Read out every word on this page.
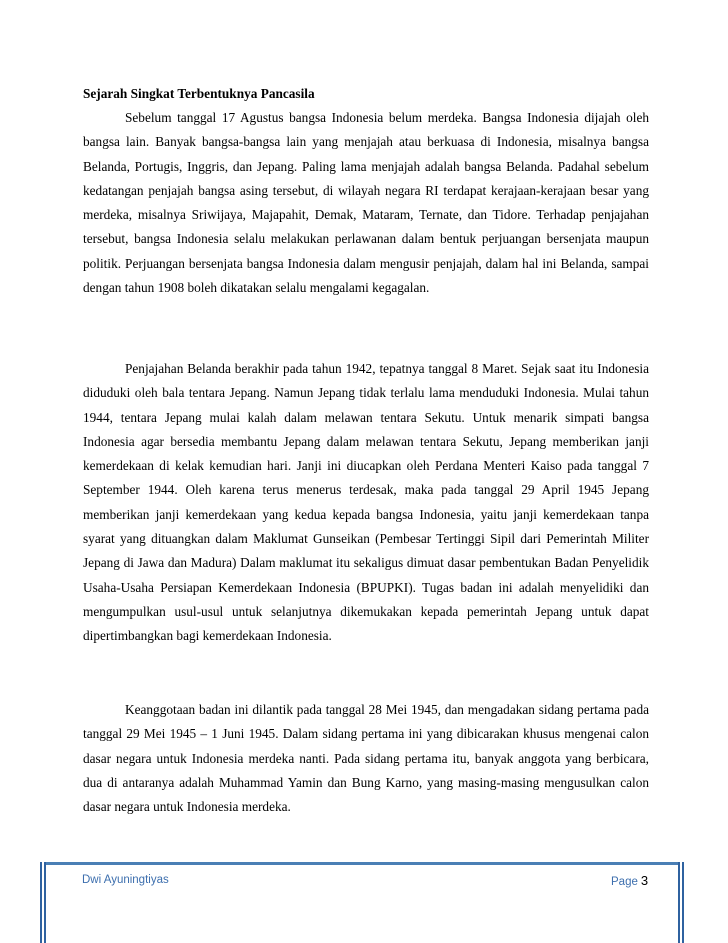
Sejarah Singkat Terbentuknya Pancasila

Sebelum tanggal 17 Agustus bangsa Indonesia belum merdeka. Bangsa Indonesia dijajah oleh bangsa lain. Banyak bangsa-bangsa lain yang menjajah atau berkuasa di Indonesia, misalnya bangsa Belanda, Portugis, Inggris, dan Jepang. Paling lama menjajah adalah bangsa Belanda. Padahal sebelum kedatangan penjajah bangsa asing tersebut, di wilayah negara RI terdapat kerajaan-kerajaan besar yang merdeka, misalnya Sriwijaya, Majapahit, Demak, Mataram, Ternate, dan Tidore. Terhadap penjajahan tersebut, bangsa Indonesia selalu melakukan perlawanan dalam bentuk perjuangan bersenjata maupun politik. Perjuangan bersenjata bangsa Indonesia dalam mengusir penjajah, dalam hal ini Belanda, sampai dengan tahun 1908 boleh dikatakan selalu mengalami kegagalan.

Penjajahan Belanda berakhir pada tahun 1942, tepatnya tanggal 8 Maret. Sejak saat itu Indonesia diduduki oleh bala tentara Jepang. Namun Jepang tidak terlalu lama menduduki Indonesia. Mulai tahun 1944, tentara Jepang mulai kalah dalam melawan tentara Sekutu. Untuk menarik simpati bangsa Indonesia agar bersedia membantu Jepang dalam melawan tentara Sekutu, Jepang memberikan janji kemerdekaan di kelak kemudian hari. Janji ini diucapkan oleh Perdana Menteri Kaiso pada tanggal 7 September 1944. Oleh karena terus menerus terdesak, maka pada tanggal 29 April 1945 Jepang memberikan janji kemerdekaan yang kedua kepada bangsa Indonesia, yaitu janji kemerdekaan tanpa syarat yang dituangkan dalam Maklumat Gunseikan (Pembesar Tertinggi Sipil dari Pemerintah Militer Jepang di Jawa dan Madura) Dalam maklumat itu sekaligus dimuat dasar pembentukan Badan Penyelidik Usaha-Usaha Persiapan Kemerdekaan Indonesia (BPUPKI). Tugas badan ini adalah menyelidiki dan mengumpulkan usul-usul untuk selanjutnya dikemukakan kepada pemerintah Jepang untuk dapat dipertimbangkan bagi kemerdekaan Indonesia.

Keanggotaan badan ini dilantik pada tanggal 28 Mei 1945, dan mengadakan sidang pertama pada tanggal 29 Mei 1945 – 1 Juni 1945. Dalam sidang pertama ini yang dibicarakan khusus mengenai calon dasar negara untuk Indonesia merdeka nanti. Pada sidang pertama itu, banyak anggota yang berbicara, dua di antaranya adalah Muhammad Yamin dan Bung Karno, yang masing-masing mengusulkan calon dasar negara untuk Indonesia merdeka.

Dwi Ayuningtiyas	Page 3
